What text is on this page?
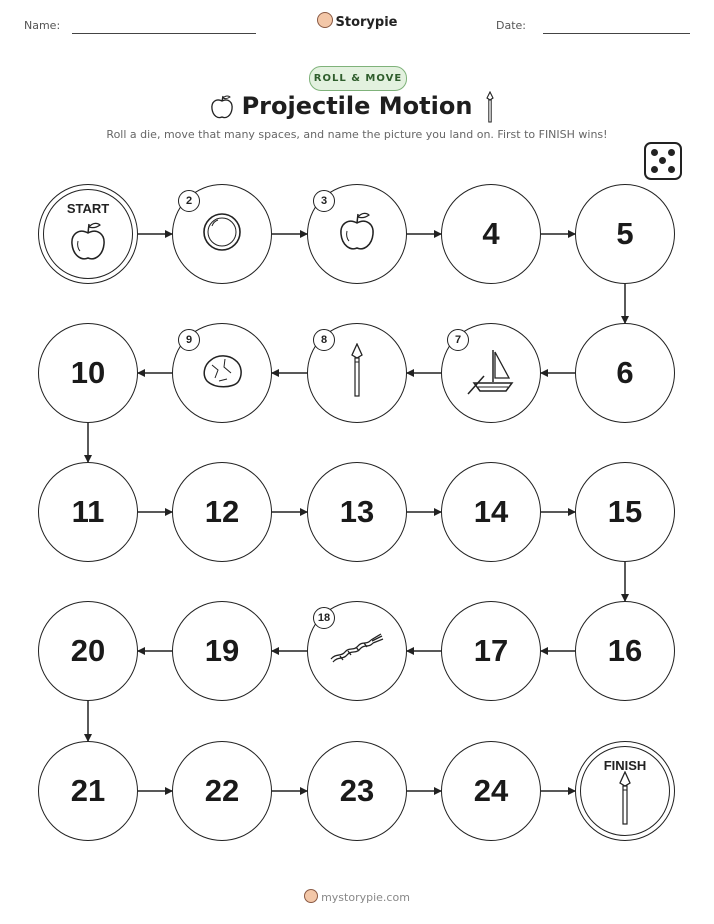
Name:	Storypie	Date:
ROLL & MOVE
Projectile Motion
Roll a die, move that many spaces, and name the picture you land on. First to FINISH wins!
START	2	3
4	5
6
7
8
9
10
11	12	13	14	15
16
17
18
19
20
21	22	23	24
FINISH
mystorypie.com
